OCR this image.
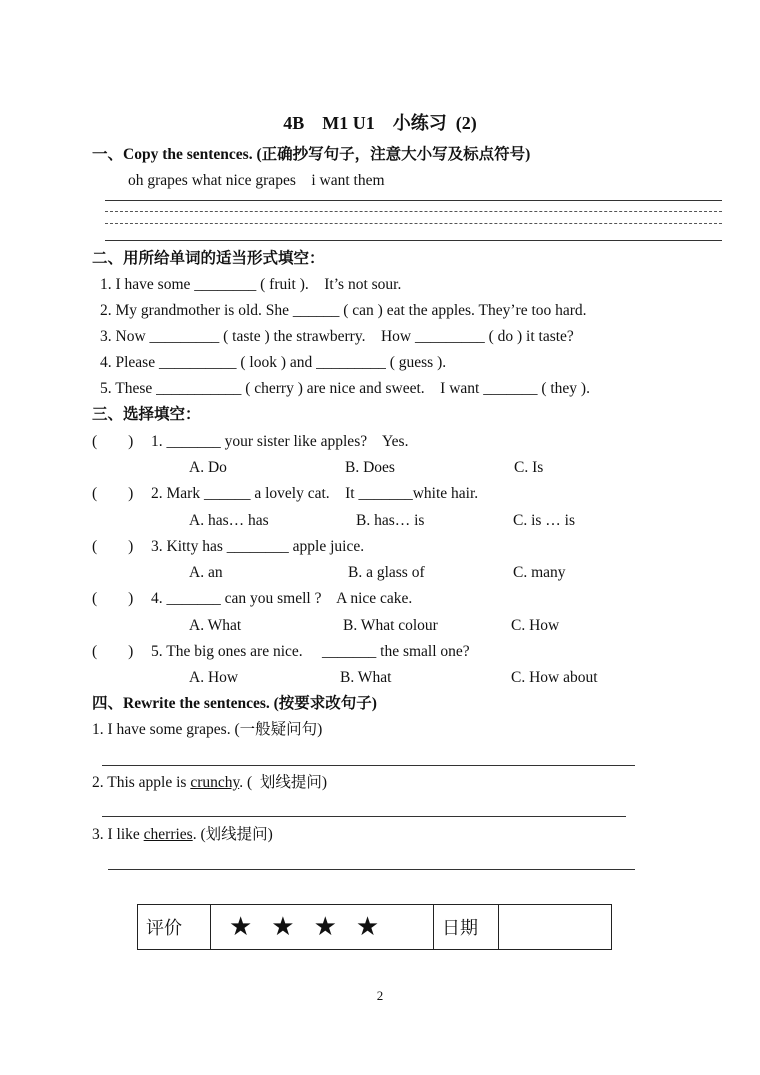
4B    M1 U1    小练习  (2)
一、Copy the sentences. (正确抄写句子，注意大小写及标点符号)
oh grapes what nice grapes    i want them
二、用所给单词的适当形式填空：
1. I have some ________ ( fruit ).    It’s not sour.
2. My grandmother is old. She ______ ( can ) eat the apples. They’re too hard.
3. Now _________ ( taste ) the strawberry.    How _________ ( do ) it taste?
4. Please __________ ( look ) and _________ ( guess ).
5. These ___________ ( cherry ) are nice and sweet.    I want _______ ( they ).
三、选择填空：
(        ) 1. _______ your sister like apples?    Yes.
A. Do	B. Does	C. Is
(        ) 2. Mark ______ a lovely cat.    It _______white hair.
A. has… has	B. has… is	C. is … is
(        ) 3. Kitty has ________ apple juice.
A. an	B. a glass of	C. many
(        ) 4. _______ can you smell ?    A nice cake.
A. What	B. What colour	C. How
(        ) 5. The big ones are nice.     _______ the small one?
A. How	B. What	C. How about
四、Rewrite the sentences. (按要求改句子)
1. I have some grapes. (一般疑问句)
2. This apple is crunchy. (  划线提问)
3. I like cherries. (划线提问)
评价	★★★★	日期	
2
